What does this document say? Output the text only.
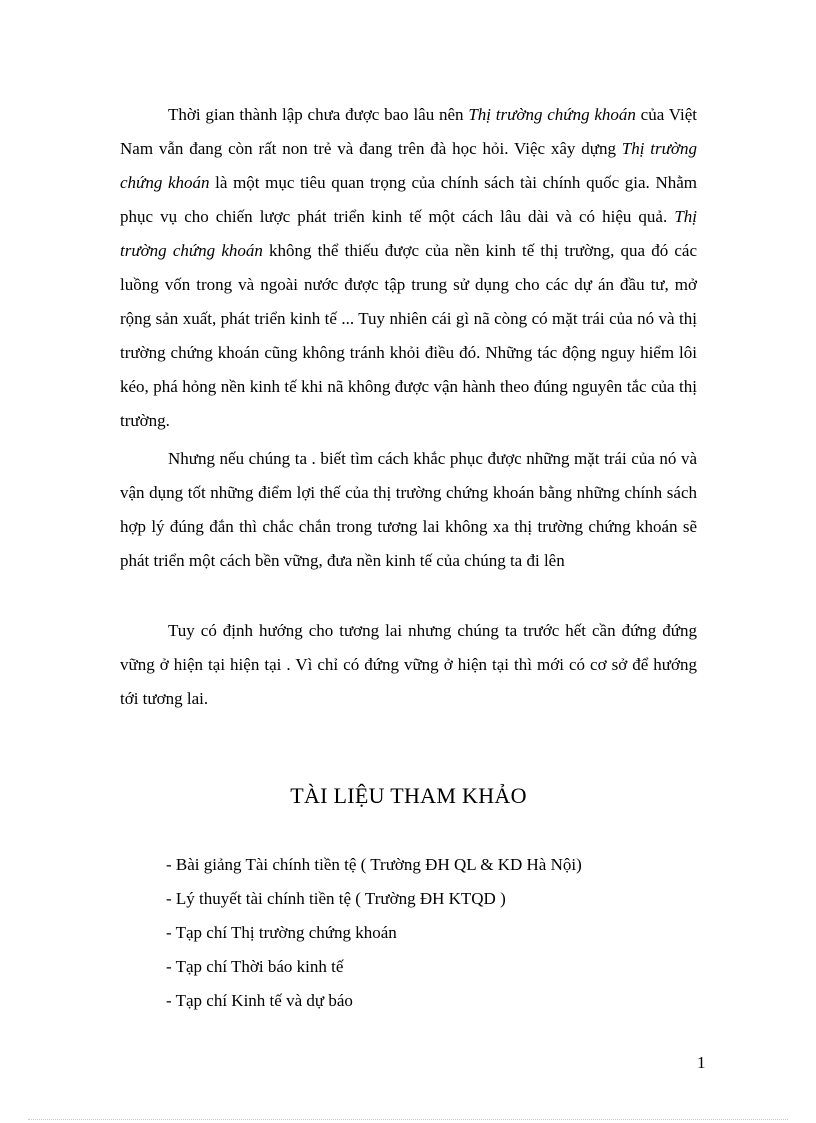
Thời gian thành lập chưa được bao lâu nên Thị trường chứng khoán của Việt Nam vẫn đang còn rất non trẻ và đang trên đà học hỏi. Việc xây dựng Thị trường chứng khoán là một mục tiêu quan trọng của chính sách tài chính quốc gia. Nhằm phục vụ cho chiến lược phát triển kinh tế một cách lâu dài và có hiệu quả. Thị trường chứng khoán không thể thiếu được của nền kinh tế thị trường, qua đó các luồng vốn trong và ngoài nước được tập trung sử dụng cho các dự án đầu tư, mở rộng sản xuất, phát triển kinh tế ... Tuy nhiên cái gì nã còng có mặt trái của nó và thị trường chứng khoán cũng không tránh khỏi điều đó. Những tác động nguy hiểm lôi kéo, phá hỏng nền kinh tế khi nã không được vận hành theo đúng nguyên tắc của thị trường.

Nhưng nếu chúng ta . biết tìm cách khắc phục được những mặt trái của nó và vận dụng tốt những điểm lợi thế của thị trường chứng khoán bằng những chính sách hợp lý đúng đắn thì chắc chắn trong tương lai không xa thị trường chứng khoán sẽ phát triển một cách bền vững, đưa nền kinh tế của chúng ta đi lên

Tuy có định hướng cho tương lai nhưng chúng ta trước hết cần đứng đứng vững ở hiện tại hiện tại . Vì chỉ có đứng vững ở hiện tại thì mới có cơ sở để hướng tới tương lai.

TÀI LIỆU THAM KHẢO
- Bài giảng Tài chính tiền tệ ( Trường ĐH QL & KD Hà Nội)
- Lý thuyết tài chính tiền tệ ( Trường ĐH KTQD )
- Tạp chí Thị trường chứng khoán
- Tạp chí Thời báo kinh tế
- Tạp chí Kinh tế và dự báo
1
